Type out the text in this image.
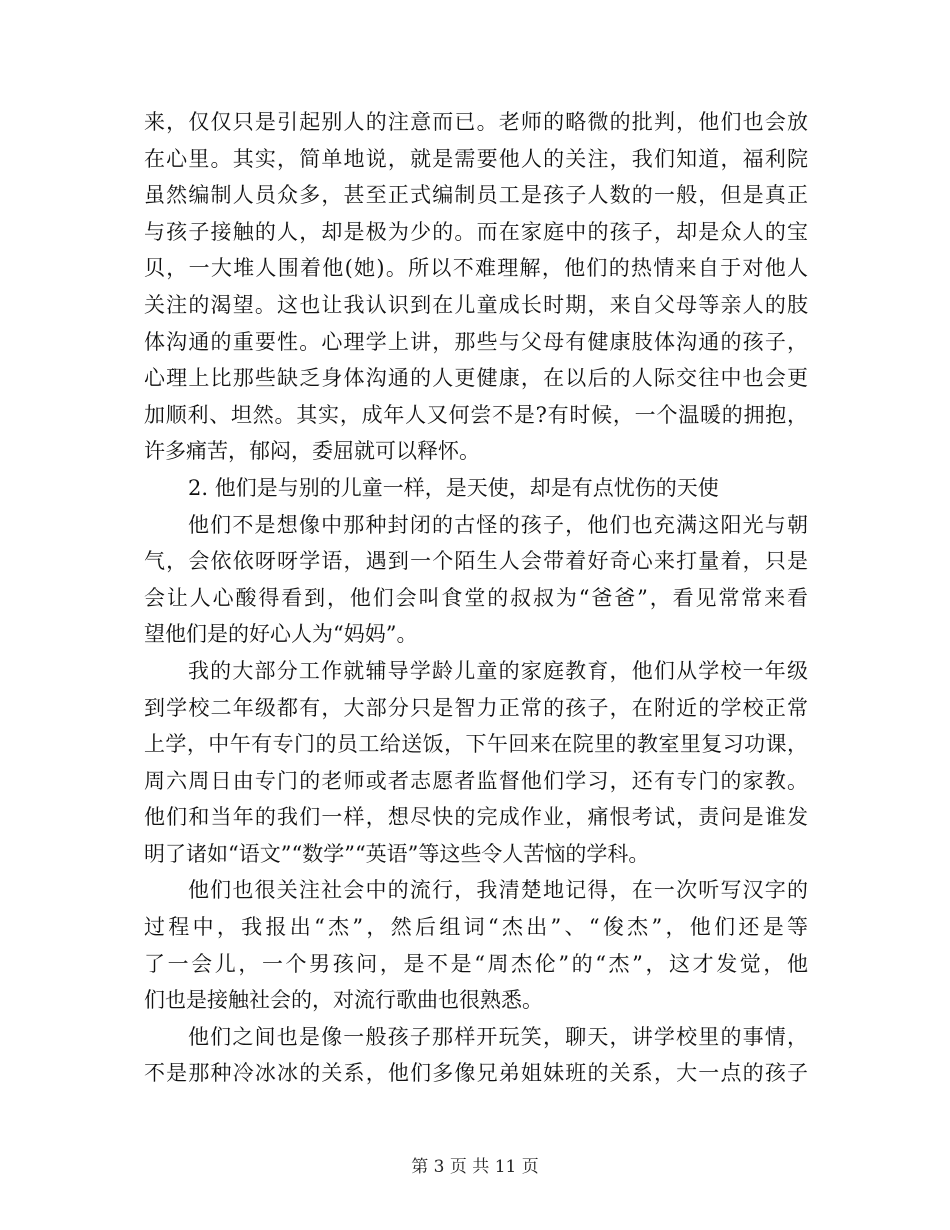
来，仅仅只是引起别人的注意而已。老师的略微的批判，他们也会放
在心里。其实，简单地说，就是需要他人的关注，我们知道，福利院
虽然编制人员众多，甚至正式编制员工是孩子人数的一般，但是真正
与孩子接触的人，却是极为少的。而在家庭中的孩子，却是众人的宝
贝，一大堆人围着他(她)。所以不难理解，他们的热情来自于对他人
关注的渴望。这也让我认识到在儿童成长时期，来自父母等亲人的肢
体沟通的重要性。心理学上讲，那些与父母有健康肢体沟通的孩子，
心理上比那些缺乏身体沟通的人更健康，在以后的人际交往中也会更
加顺利、坦然。其实，成年人又何尝不是?有时候，一个温暖的拥抱，
许多痛苦，郁闷，委屈就可以释怀。
2. 他们是与别的儿童一样，是天使，却是有点忧伤的天使
他们不是想像中那种封闭的古怪的孩子，他们也充满这阳光与朝
气，会依依呀呀学语，遇到一个陌生人会带着好奇心来打量着，只是
会让人心酸得看到，他们会叫食堂的叔叔为“爸爸”，看见常常来看
望他们是的好心人为“妈妈”。
我的大部分工作就辅导学龄儿童的家庭教育，他们从学校一年级
到学校二年级都有，大部分只是智力正常的孩子，在附近的学校正常
上学，中午有专门的员工给送饭，下午回来在院里的教室里复习功课，
周六周日由专门的老师或者志愿者监督他们学习，还有专门的家教。
他们和当年的我们一样，想尽快的完成作业，痛恨考试，责问是谁发
明了诸如“语文”“数学”“英语”等这些令人苦恼的学科。
他们也很关注社会中的流行，我清楚地记得，在一次听写汉字的
过程中，我报出“杰”，然后组词“杰出”、“俊杰”，他们还是等
了一会儿，一个男孩问，是不是“周杰伦”的“杰”，这才发觉，他
们也是接触社会的，对流行歌曲也很熟悉。
他们之间也是像一般孩子那样开玩笑，聊天，讲学校里的事情，
不是那种冷冰冰的关系，他们多像兄弟姐妹班的关系，大一点的孩子
第 3 页 共 11 页
